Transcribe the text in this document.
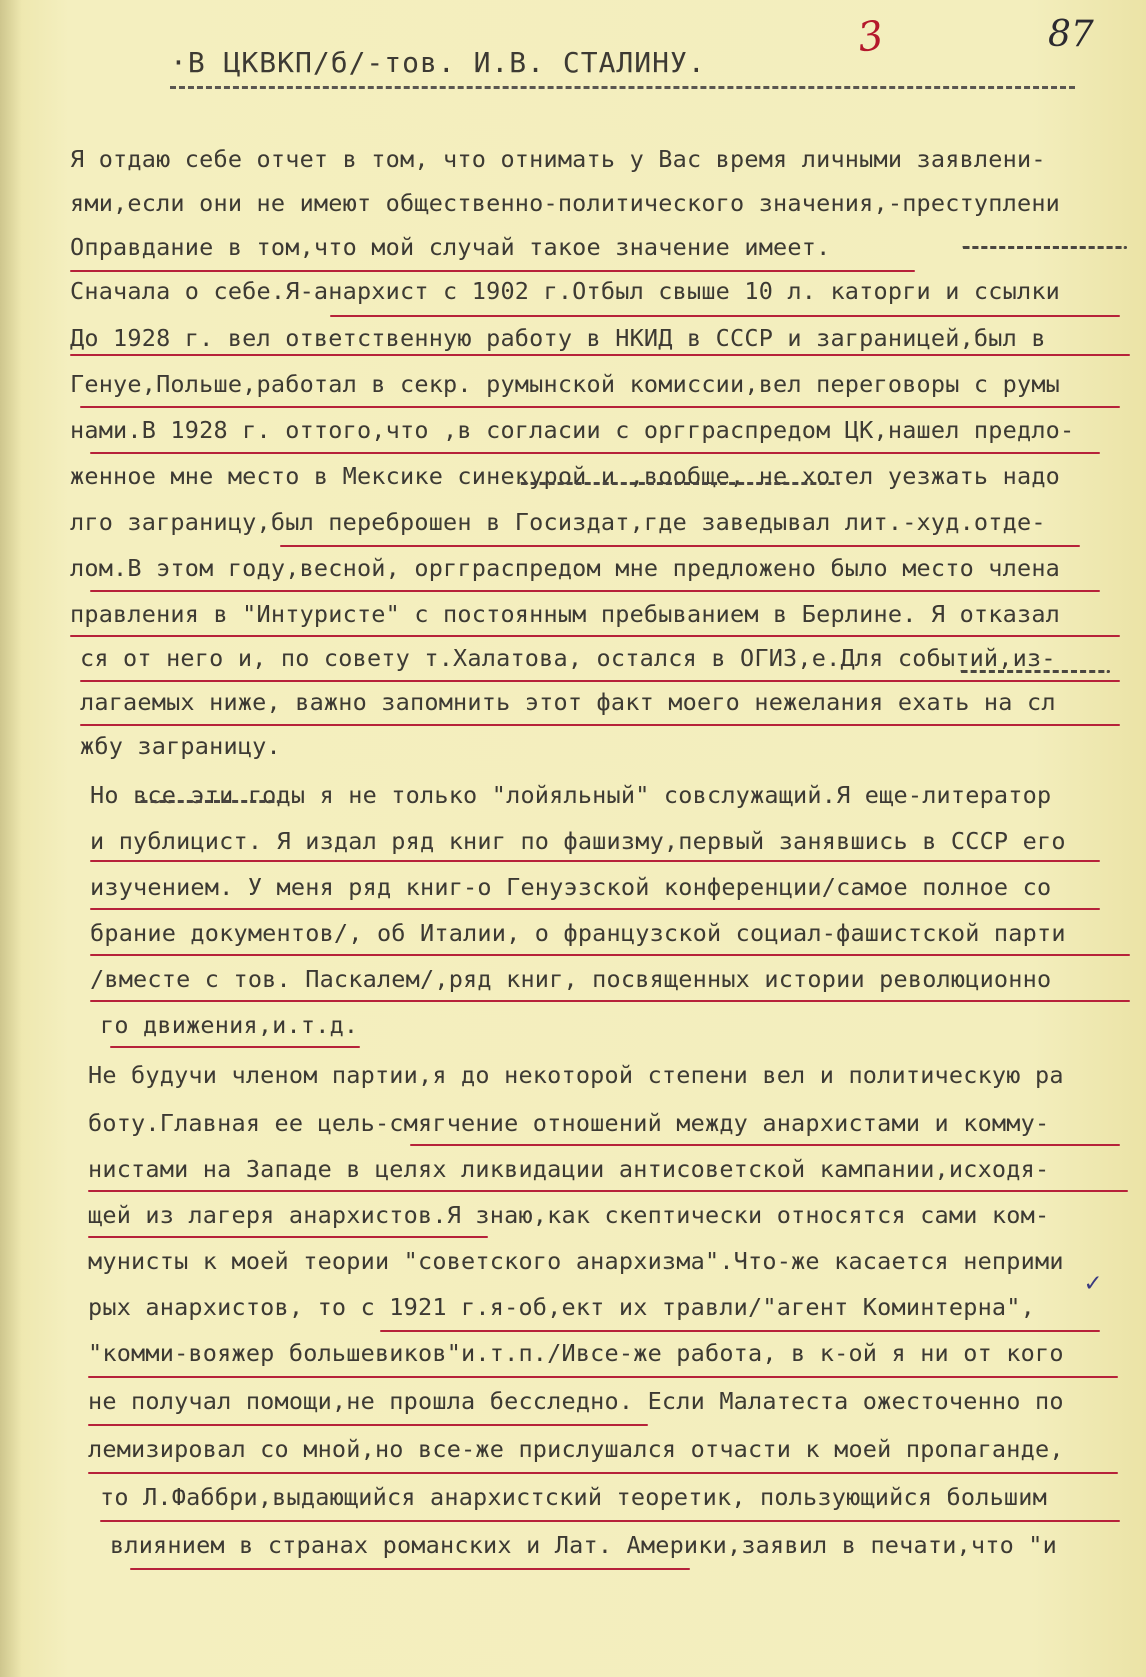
3	87
·В ЦКВКП/б/-тов. И.В. СТАЛИНУ.
Я отдаю себе отчет в том, что отнимать у Вас время личными заявлени-
ями,если они не имеют общественно-политического значения,-преступлени
Оправдание в том,что мой случай такое значение имеет.
Сначала о себе.Я-анархист с 1902 г.Отбыл свыше 10 л. каторги и ссылки
До 1928 г. вел ответственную работу в НКИД в СССР и заграницей,был в
Генуе,Польше,работал в секр. румынской комиссии,вел переговоры с румы
нами.В 1928 г. оттого,что ,в согласии с оргграспредом ЦК,нашел предло-
женное мне место в Мексике синекурой и ,вообще, не хотел уезжать надо
лго заграницу,был переброшен в Госиздат,где заведывал лит.-худ.отде-
лом.В этом году,весной, оргграспредом мне предложено было место члена
правления в "Интуристе" с постоянным пребыванием в Берлине. Я отказал
ся от него и, по совету т.Халатова, остался в ОГИЗ,е.Для событий,из-
лагаемых ниже, важно запомнить этот факт моего нежелания ехать на сл
жбу заграницу.
Но все эти годы я не только "лойяльный" совслужащий.Я еще-литератор
и публицист. Я издал ряд книг по фашизму,первый занявшись в СССР его
изучением. У меня ряд книг-о Генуэзской конференции/самое полное со
брание документов/, об Италии, о французской социал-фашистской парти
/вместе с тов. Паскалем/,ряд книг, посвященных истории революционно
го движения,и.т.д.
Не будучи членом партии,я до некоторой степени вел и политическую ра
боту.Главная ее цель-смягчение отношений между анархистами и комму-
нистами на Западе в целях ликвидации антисоветской кампании,исходя-
щей из лагеря анархистов.Я знаю,как скептически относятся сами ком-
мунисты к моей теории "советского анархизма".Что-же касается неприми
рых анархистов, то с 1921 г.я-об,ект их травли/"агент Коминтерна",
"комми-вояжер большевиков"и.т.п./Ивсе-же работа, в к-ой я ни от кого
не получал помощи,не прошла бесследно. Если Малатеста ожесточенно по
лемизировал со мной,но все-же прислушался отчасти к моей пропаганде,
то Л.Фаббри,выдающийся анархистский теоретик, пользующийся большим
влиянием в странах романских и Лат. Америки,заявил в печати,что "и
✓
